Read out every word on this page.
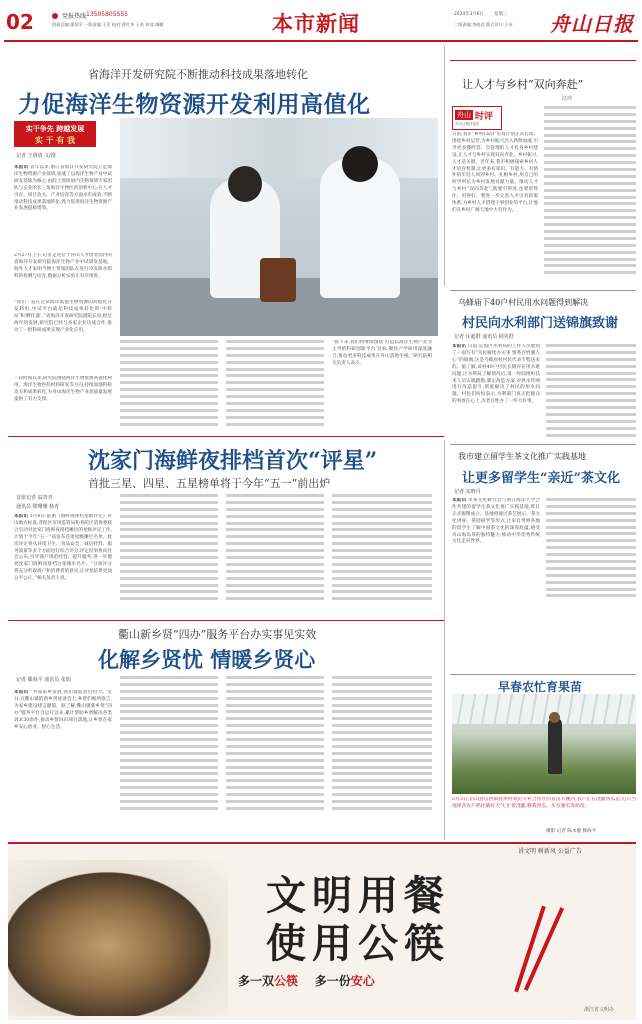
02	党报热线 13505805555
值班总编:董恒军 一版责编:王菲 校对:曹红冬 王英 审读:虞璐	本市新闻	2024年3月6日 星期三
二版责编:李晓君 版式设计:王英 舟山日报
省海洋开发研究院不断推动科技成果落地转化
力促海洋生物资源开发利用高值化
实干争先 跨越发展
实 干 有 我
记者 王倩倩 文/摄
本报讯 去年以来,浙江省海洋开发研究院立足海洋生物资源产业领域,加速了以海洋生物产业中试研发基地为核心,由院士领衔国内生物领域专家团队与企业的长三角海洋生物医药创新中心,在人才引育、项目攻关、产业培育等方面卓有成效,不断推动科技成果落地转化,致力促进海洋生物资源产业发展提质增效。
2月27日上午,记者走进位于舟山人才创业园内的省海洋开发研究院海洋生物产业中试研发基地。海外人才朱明今博士带领团队在进行冷冻海水饵料的检测与培育,数据分析实验正有序推进。
“我们一直在尝试海洋低值生物资源的高值化开发利用,中试平台就是科技成果转化的‘中转站’和‘孵化器’。”省海洋开发研究院副院长说,经过两年的发展,研究院已经与多家企业达成合作,推动了一批科研成果实现产业化应用。
一段时间以来,研究院围绕海洋生物资源高值化利用、海洋生物医药材料研发等方向,持续加强科研攻关和成果转化,为舟山海洋生物产业高质量发展提供了有力支撑。
“接下来,我们将继续围绕‘打造以海洋生物产业为主导的科研创新平台’目标,聚焦产学研用深度融合,推动更多科技成果在舟山落地生根。”研究院相关负责人表示。
让人才与乡村“双向奔赴”
江玲
舟山 时评
舟山日报评论员
日前,我市“乡村CEO”培育计划正式启动。围绕乡村运营,为乡村振兴注入新鲜血液,引导更多懂经营、会管理的人才投身乡村建设,让人才与乡村实现双向奔赴。乡村振兴,人才是关键。近年来,我市积极探索乡村人才培育机制,让更多有知识、有能力、有情怀的年轻人回到乡村、扎根乡村,用自己的所学所长为乡村发展贡献力量。推动人才与乡村“双向奔赴”,既要引得进,也要留得住、用得好。要进一步完善人才引育政策体系,为乡村人才搭建干事创业的平台,让他们在乡村广阔天地中大有作为。
乌蜂庙下40户村民用水问题得到解决
村民向水利部门送锦旗致谢
记者 汪超群 通讯员 顾英群
本报讯 日前,定海区水利局的工作人员收到了一面写有“为民解忧办实事 情系百姓暖人心”的锦旗,这是乌蜂庙村村民代表专程送来的。据了解,该村40户村民长期存在用水难问题,区水利局了解情况后,第一时间组织技术人员实地踏勘,制定改造方案,对供水管网进行改造提升,彻底解决了村民的用水问题。村民们纷纷表示,水利部门真正把群众的事放在心上,为老百姓办了一件大好事。
沈家门海鲜夜排档首次“评星”
首批三星、四星、五星榜单将于今年“五一”前出炉
首席记者 翁青青
通讯员 缪珊珊 杨青
本报讯 3月4日,依循《海鲜夜排档星级评定》舟山地方标准,普陀区市场监管局和普陀区消保委联合启动对沈家门海鲜夜排档摊位的星级评定工作,计划于今年“五一”前发布首批星级摊位名单。此次评定将从环境卫生、食品安全、诚信经营、服务质量等多个方面进行综合评分,评定结果将向社会公布,引导商户规范经营、提升服务,进一步擦亮沈家门海鲜夜排档这张城市名片。“分项评分将充分听取商户和消费者的意见,让评星结果更加公平公正。”相关负责人说。
我市建立留学生茶文化推广实践基地
让更多留学生“亲近”茶文化
记者 宋晓丹
本报讯 市茶文化研究会与浙江海洋大学合作共建的留学生茶文化推广实践基地,昨日正式揭牌成立。基地将通过茶艺展示、茶文化讲座、茶园研学等形式,让来自世界各地的留学生了解中国茶文化的深厚底蕴,感受舟山海岛茶的独特魅力,推动中华优秀传统文化走向世界。
衢山新乡贤“四办”服务平台办实事见实效
化解乡贤忧 情暖乡贤心
记者 滕海平 通讯员 张瑞
本报讯 “共谋家乡发展,我们都愿意出份力。”近日,在衢山镇的新乡贤座谈会上,乡贤们畅所欲言,为家乡建设建言献策。据了解,衢山镇新乡贤“四办”服务平台自运行以来,累计帮助乡贤解决各类诉求30余件,推动乡贤回归项目落地,让乡贤在家乡安心创业、舒心生活。
早春农忙育果苗
3月3日,岱山县岱西镇青黑村果苗专业合作社的育苗大棚内,农户正在浇灌西瓜苗,近日当地果苗农户抓住晴好天气,忙着浇灌,移栽西瓜、东方蜜瓜等幼苗。
摄影 记者 陈永健 滕海平
讲文明 树新风 公益广告
文明用餐
使用公筷
多一双公筷 多一份安心
浙江省文明办
